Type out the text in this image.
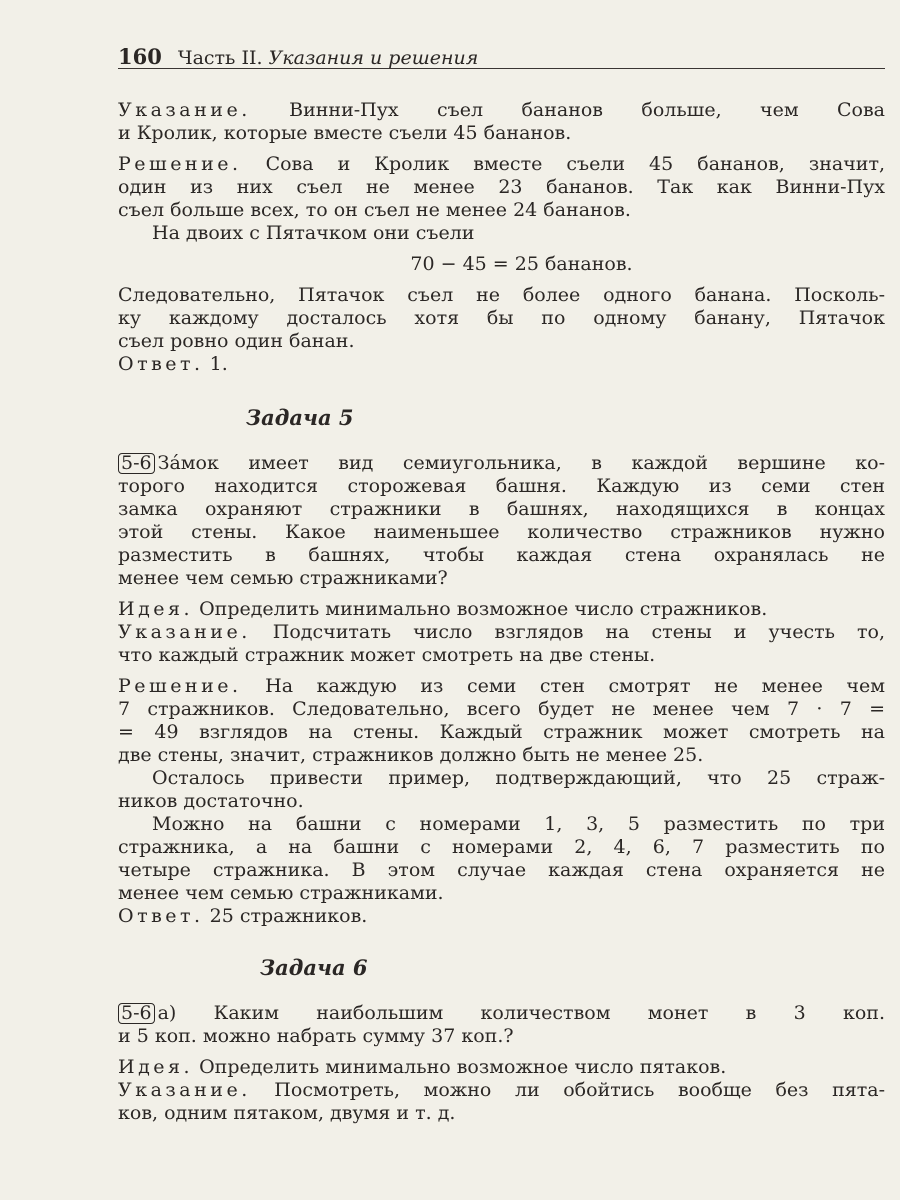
160 Часть II. Указания и решения
Указание. Винни-Пух съел бананов больше, чем Сова
и Кролик, которые вместе съели 45 бананов.
Решение. Сова и Кролик вместе съели 45 бананов, значит,
один из них съел не менее 23 бананов. Так как Винни-Пух
съел больше всех, то он съел не менее 24 бананов.
На двоих с Пятачком они съели
70 − 45 = 25 бананов.
Следовательно, Пятачок съел не более одного банана. Посколь-
ку каждому досталось хотя бы по одному банану, Пятачок
съел ровно один банан.
Ответ. 1.
Задача 5
5-6 Зáмок имеет вид семиугольника, в каждой вершине ко-
торого находится сторожевая башня. Каждую из семи стен
замка охраняют стражники в башнях, находящихся в концах
этой стены. Какое наименьшее количество стражников нужно
разместить в башнях, чтобы каждая стена охранялась не
менее чем семью стражниками?
Идея. Определить минимально возможное число стражников.
Указание. Подсчитать число взглядов на стены и учесть то,
что каждый стражник может смотреть на две стены.
Решение. На каждую из семи стен смотрят не менее чем
7 стражников. Следовательно, всего будет не менее чем 7 · 7 =
= 49 взглядов на стены. Каждый стражник может смотреть на
две стены, значит, стражников должно быть не менее 25.
Осталось привести пример, подтверждающий, что 25 страж-
ников достаточно.
Можно на башни с номерами 1, 3, 5 разместить по три
стражника, а на башни с номерами 2, 4, 6, 7 разместить по
четыре стражника. В этом случае каждая стена охраняется не
менее чем семью стражниками.
Ответ. 25 стражников.
Задача 6
5-6 а) Каким наибольшим количеством монет в 3 коп.
и 5 коп. можно набрать сумму 37 коп.?
Идея. Определить минимально возможное число пятаков.
Указание. Посмотреть, можно ли обойтись вообще без пята-
ков, одним пятаком, двумя и т. д.
